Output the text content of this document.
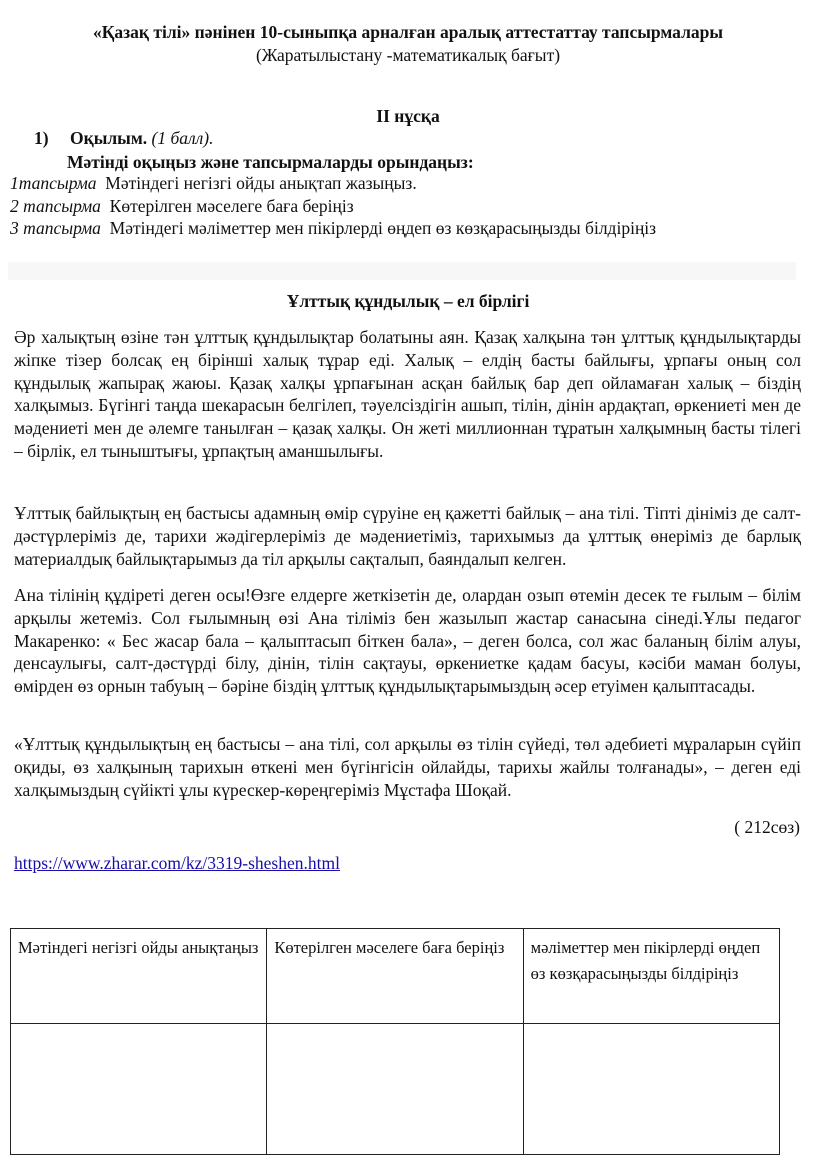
«Қазақ тілі» пәнінен 10-сыныпқа арналған аралық аттестаттау тапсырмалары
(Жаратылыстану -математикалық бағыт)
II нұсқа
1) Оқылым. (1 балл).
Мәтінді оқыңыз және тапсырмаларды орындаңыз:
1тапсырма Мәтіндегі негізгі ойды анықтап жазыңыз.
2 тапсырма Көтерілген мәселеге баға беріңіз
3 тапсырма Мәтіндегі мәліметтер мен пікірлерді өңдеп өз көзқарасыңызды білдіріңіз
Ұлттық құндылық – ел бірлігі

Әр халықтың өзіне тән ұлттық құндылықтар болатыны аян. Қазақ халқына тән ұлттық құндылықтарды жіпке тізер болсақ ең бірінші халық тұрар еді. Халық – елдің басты байлығы, ұрпағы оның сол құндылық жапырақ жаюы. Қазақ халқы ұрпағынан асқан байлық бар деп ойламаған халық – біздің халқымыз. Бүгінгі таңда шекарасын белгілеп, тәуелсіздігін ашып, тілін, дінін ардақтап, өркениеті мен де мәдениеті мен де әлемге танылған – қазақ халқы. Он жеті миллионнан тұратын халқымның басты тілегі – бірлік, ел тыныштығы, ұрпақтың аманшылығы.

Ұлттық байлықтың ең бастысы адамның өмір сүруіне ең қажетті байлық – ана тілі. Тіпті дініміз де салт-дәстүрлеріміз де, тарихи жәдігерлеріміз де мәдениетіміз, тарихымыз да ұлттық өнеріміз де барлық материалдық байлықтарымыз да тіл арқылы сақталып, баяндалып келген.

Ана тілінің құдіреті деген осы!Өзге елдерге жеткізетін де, олардан озып өтемін десек те ғылым – білім арқылы жетеміз. Сол ғылымның өзі Ана тіліміз бен жазылып жастар санасына сінеді.Ұлы педагог Макаренко: « Бес жасар бала – қалыптасып біткен бала», – деген болса, сол жас баланың білім алуы, денсаулығы, салт-дәстүрді білу, дінін, тілін сақтауы, өркениетке қадам басуы, кәсіби маман болуы, өмірден өз орнын табуың – бәріне біздің ұлттық құндылықтарымыздың әсер етуімен қалыптасады.

«Ұлттық құндылықтың ең бастысы – ана тілі, сол арқылы өз тілін сүйеді, төл әдебиеті мұраларын сүйіп оқиды, өз халқының тарихын өткені мен бүгінгісін ойлайды, тарихы жайлы толғанады», – деген еді халқымыздың сүйікті ұлы күрескер-көреңгеріміз Мұстафа Шоқай.

( 212сөз)
https://www.zharar.com/kz/3319-sheshen.html
Мәтіндегі негізгі ойды анықтаңыз	Көтерілген мәселеге баға беріңіз	мәліметтер мен пікірлерді өңдеп өз көзқарасыңызды білдіріңіз
